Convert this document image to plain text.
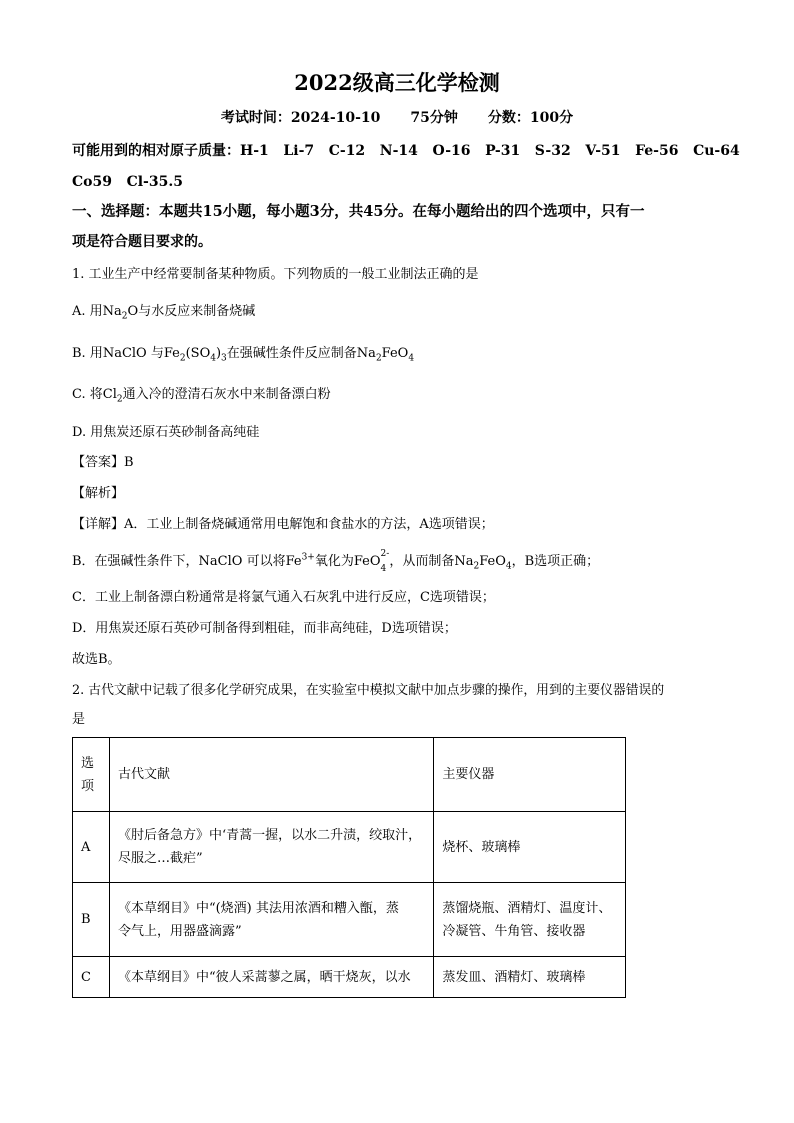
2022级高三化学检测
考试时间：2024-10-10 75分钟 分数：100分
可能用到的相对原子质量：H-1   Li-7   C-12   N-14   O-16   P-31   S-32   V-51   Fe-56   Cu-64
Co59   Cl-35.5
一、选择题：本题共15小题，每小题3分，共45分。在每小题给出的四个选项中，只有一
项是符合题目要求的。
1. 工业生产中经常要制备某种物质。下列物质的一般工业制法正确的是
A. 用$Na_2O$与水反应来制备烧碱
B. 用NaClO 与$Fe_2(SO_4)_3$在强碱性条件反应制备$Na_2FeO_4$
C. 将$Cl_2$通入冷的澄清石灰水中来制备漂白粉
D. 用焦炭还原石英砂制备高纯硅
【答案】B
【解析】
【详解】A．工业上制备烧碱通常用电解饱和食盐水的方法，A选项错误；
B．在强碱性条件下，NaClO 可以将$Fe^{3+}$氧化为FeO$^{2-}$
$_4$ ，从而制备$Na_2FeO_4$，B选项正确；
C．工业上制备漂白粉通常是将氯气通入石灰乳中进行反应，C选项错误；
D．用焦炭还原石英砂可制备得到粗硅，而非高纯硅，D选项错误；
故选B。
2. 古代文献中记载了很多化学研究成果，在实验室中模拟文献中加点步骤的操作，用到的主要仪器错误的
是
选
项	古代文献	主要仪器
A	《肘后备急方》中‘青蒿一握，以水二升渍，绞取汁，
尽服之…截疟”	烧杯、玻璃棒
B	《本草纲目》中“(烧酒) 其法用浓酒和糟入甑，蒸
令气上，用器盛滴露”	蒸馏烧瓶、酒精灯、温度计、
冷凝管、牛角管、接收器
C	《本草纲目》中“彼人采蒿蓼之属，晒干烧灰，以水	蒸发皿、酒精灯、玻璃棒
